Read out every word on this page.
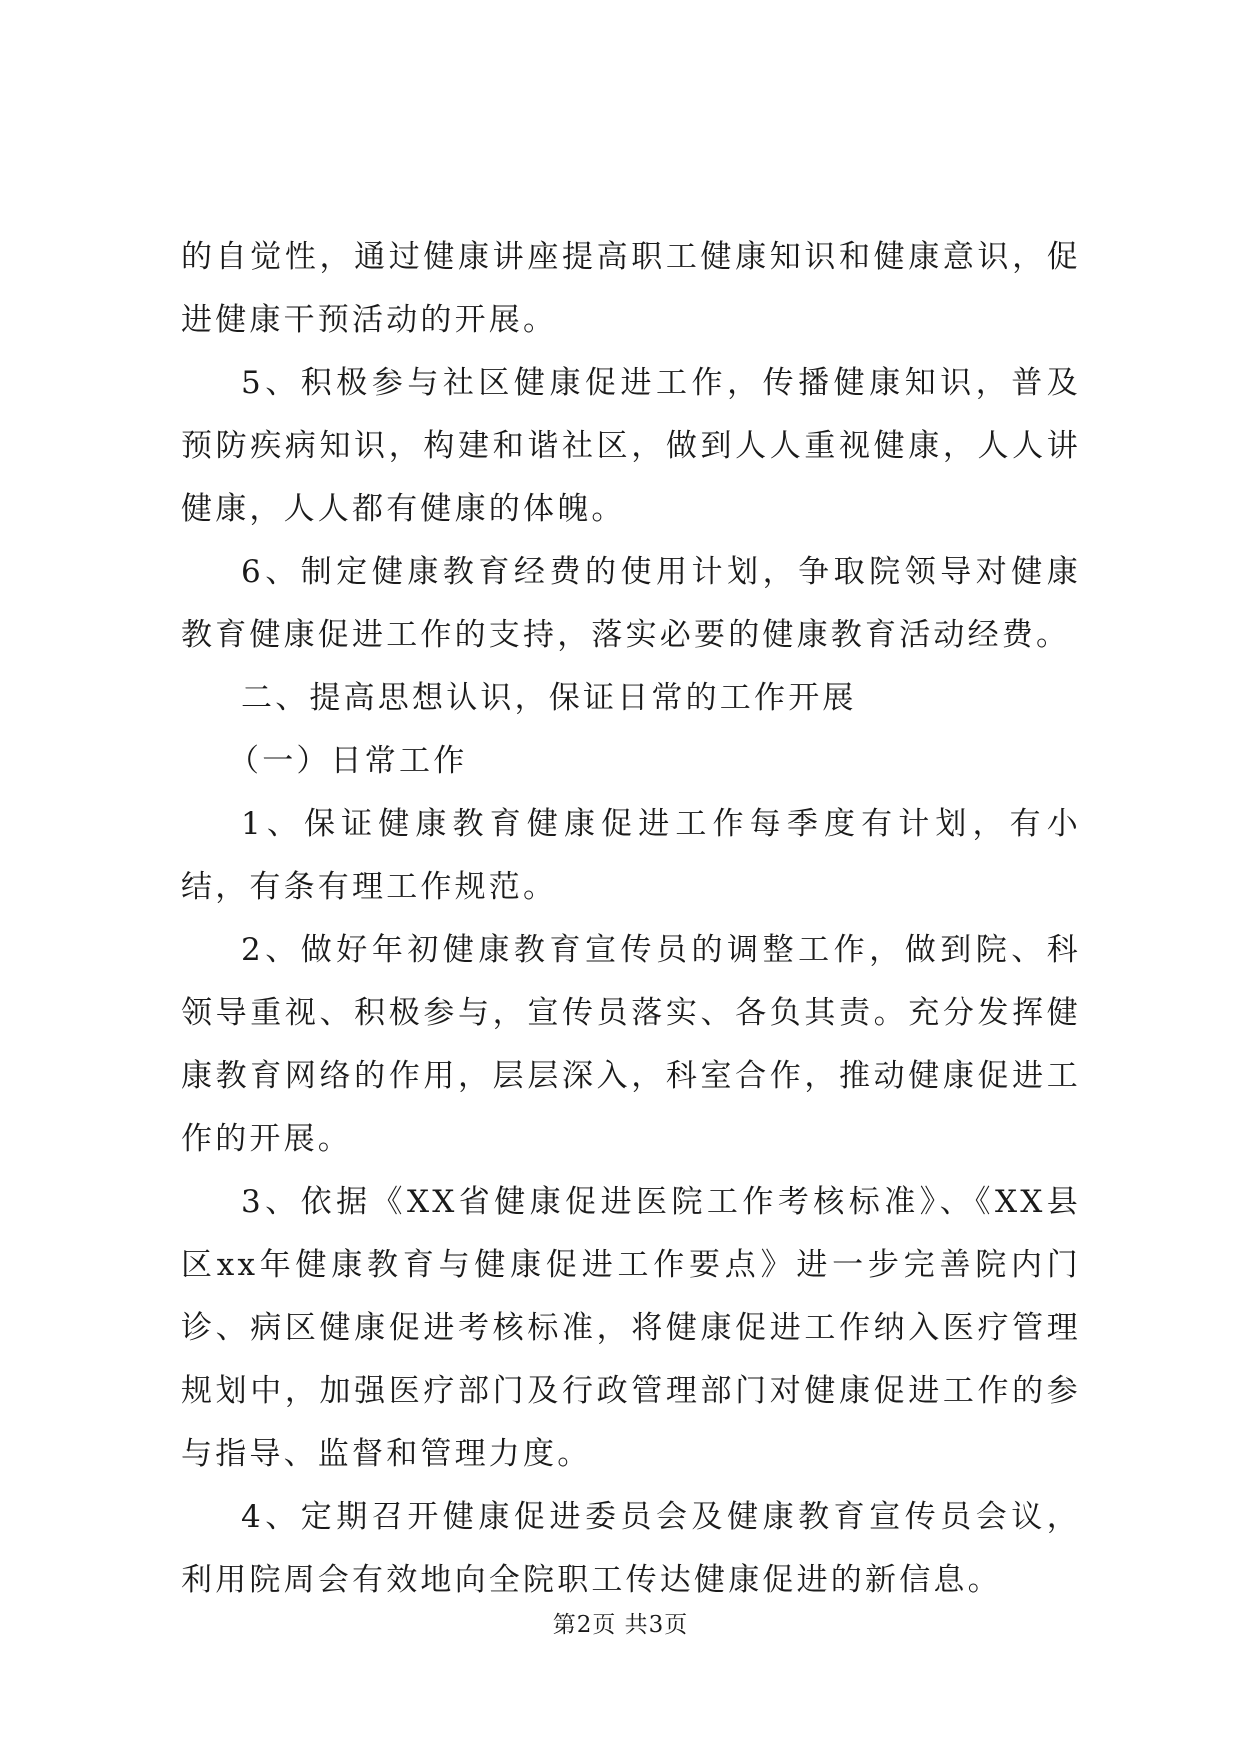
的自觉性，通过健康讲座提高职工健康知识和健康意识，促进健康干预活动的开展。

5、积极参与社区健康促进工作，传播健康知识，普及预防疾病知识，构建和谐社区，做到人人重视健康，人人讲健康，人人都有健康的体魄。

6、制定健康教育经费的使用计划，争取院领导对健康教育健康促进工作的支持，落实必要的健康教育活动经费。

二、提高思想认识，保证日常的工作开展

（一）日常工作

1、保证健康教育健康促进工作每季度有计划，有小结，有条有理工作规范。

2、做好年初健康教育宣传员的调整工作，做到院、科领导重视、积极参与，宣传员落实、各负其责。充分发挥健康教育网络的作用，层层深入，科室合作，推动健康促进工作的开展。

3、依据《XX省健康促进医院工作考核标准》、《XX县区xx年健康教育与健康促进工作要点》进一步完善院内门诊、病区健康促进考核标准，将健康促进工作纳入医疗管理规划中，加强医疗部门及行政管理部门对健康促进工作的参与指导、监督和管理力度。

4、定期召开健康促进委员会及健康教育宣传员会议，利用院周会有效地向全院职工传达健康促进的新信息。

第2页 共3页
